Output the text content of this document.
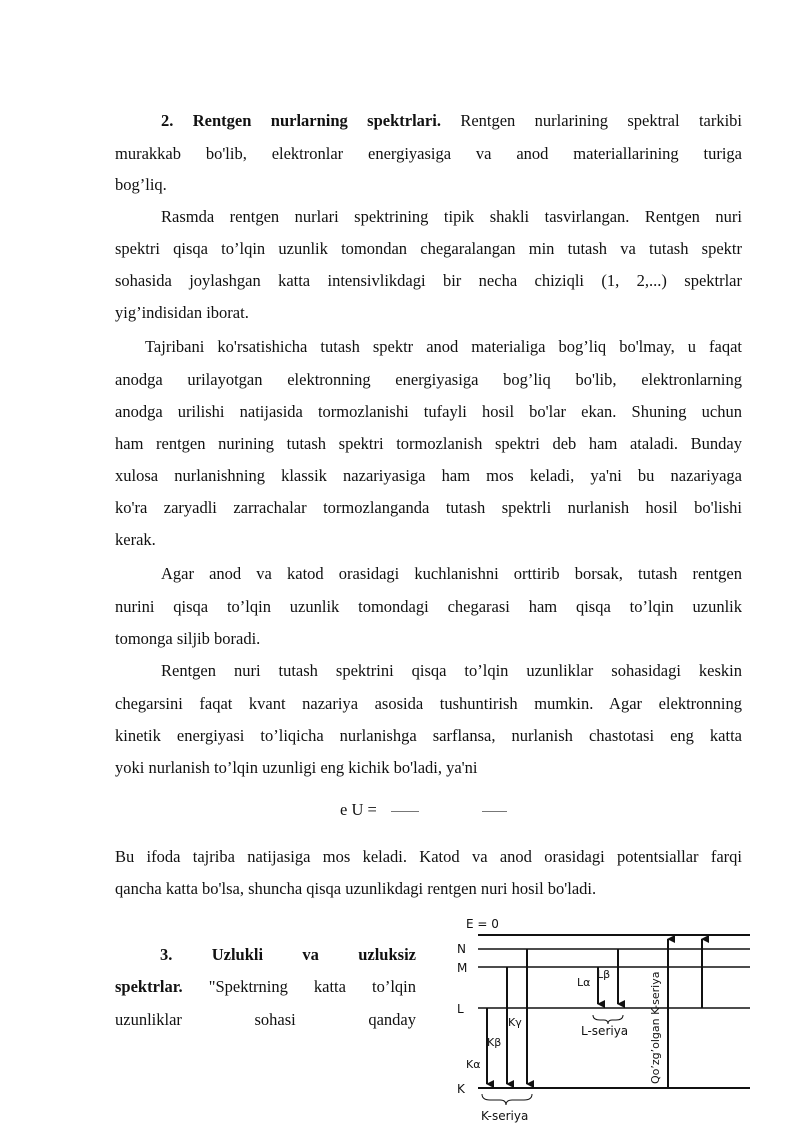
2. Rentgen nurlarning spektrlari. Rentgen nurlarining spektral tarkibi
murakkab bo'lib, elektronlar energiyasiga va anod materiallarining turiga
bog’liq.
Rasmda rentgen nurlari spektrining tipik shakli tasvirlangan. Rentgen nuri
spektri qisqa to’lqin uzunlik tomondan chegaralangan min tutash va tutash spektr
sohasida joylashgan katta intensivlikdagi bir necha chiziqli (1, 2,...) spektrlar
yig’indisidan iborat.
Tajribani ko'rsatishicha tutash spektr anod materialiga bog’liq bo'lmay, u faqat
anodga urilayotgan elektronning energiyasiga bog’liq bo'lib, elektronlarning
anodga urilishi natijasida tormozlanishi tufayli hosil bo'lar ekan. Shuning uchun
ham rentgen nurining tutash spektri tormozlanish spektri deb ham ataladi. Bunday
xulosa nurlanishning klassik nazariyasiga ham mos keladi, ya'ni bu nazariyaga
ko'ra zaryadli zarrachalar tormozlanganda tutash spektrli nurlanish hosil bo'lishi
kerak.
Agar anod va katod orasidagi kuchlanishni orttirib borsak, tutash rentgen
nurini qisqa to’lqin uzunlik tomondagi chegarasi ham qisqa to’lqin uzunlik
tomonga siljib boradi.
Rentgen nuri tutash spektrini qisqa to’lqin uzunliklar sohasidagi keskin
chegarsini faqat kvant nazariya asosida tushuntirish mumkin. Agar elektronning
kinetik energiyasi to’liqicha nurlanishga sarflansa, nurlanish chastotasi eng katta
yoki nurlanish to’lqin uzunligi eng kichik bo'ladi, ya'ni
e U =
Bu ifoda tajriba natijasiga mos keladi. Katod va anod orasidagi potentsiallar farqi
qancha katta bo'lsa, shuncha qisqa uzunlikdagi rentgen nuri hosil bo'ladi.
3. Uzlukli va uzluksiz
spektrlar. "Spektrning katta to’lqin
uzunliklar	sohasi	qanday
E = 0
N
M
L
K
Kα
Kβ
Kγ
Lα
Lβ
L-seriya
K-seriya
Qo’zg’olgan K-seriya
